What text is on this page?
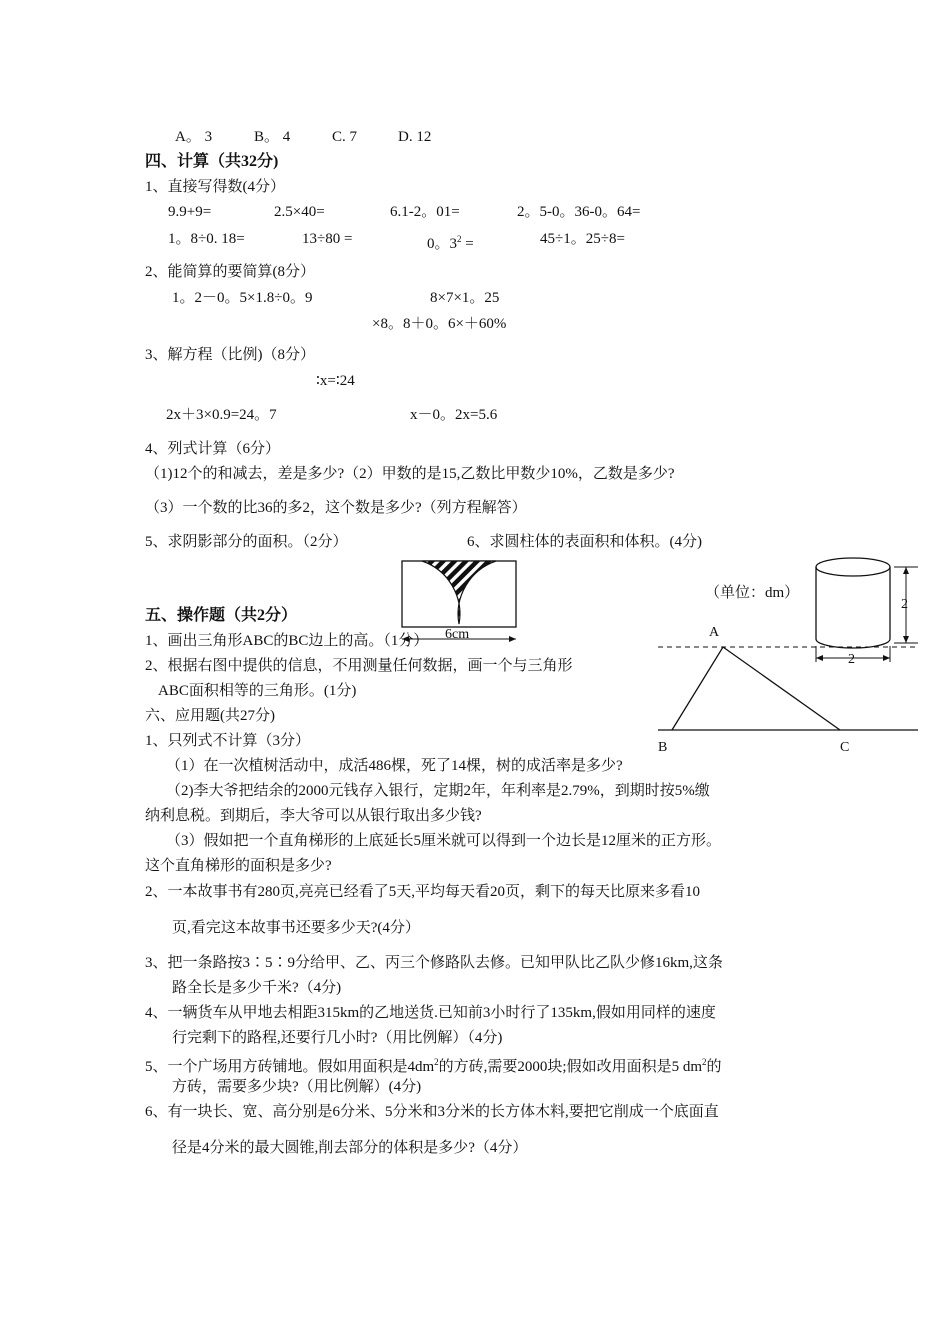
A。 3	B。 4	C. 7	D. 12
四、计算（共32分)
1、直接写得数(4分）
9.9+9=	2.5×40=	6.1-2。01=	2。5-0。36-0。64=
1。8÷0. 18=	13÷80 =	0。$3^2$ =	45÷1。25÷8=
2、能简算的要简算(8分）
1。2－0。5×1.8÷0。9	8×7×1。25
×8。8＋0。6×＋60%
3、解方程（比例)（8分）
∶x=∶24
2x＋3×0.9=24。7	x－0。2x=5.6
4、列式计算（6分）
（1)12个的和减去，差是多少?（2）甲数的是15,乙数比甲数少10%，乙数是多少?
（3）一个数的比36的多2，这个数是多少?（列方程解答）
5、求阴影部分的面积。（2分）	6、求圆柱体的表面积和体积。(4分)
6cm
（单位：dm）
2
2
A
B	C
五、操作题（共2分）
1、画出三角形ABC的BC边上的高。（1分）
2、根据右图中提供的信息，不用测量任何数据，画一个与三角形
ABC面积相等的三角形。(1分)
六、应用题(共27分)
1、只列式不计算（3分）
（1）在一次植树活动中，成活486棵，死了14棵，树的成活率是多少?
（2)李大爷把结余的2000元钱存入银行，定期2年，年利率是2.79%，到期时按5%缴
纳利息税。到期后，李大爷可以从银行取出多少钱?
（3）假如把一个直角梯形的上底延长5厘米就可以得到一个边长是12厘米的正方形。
这个直角梯形的面积是多少?
2、一本故事书有280页,亮亮已经看了5天,平均每天看20页，剩下的每天比原来多看10
页,看完这本故事书还要多少天?(4分）
3、把一条路按3∶5∶9分给甲、乙、丙三个修路队去修。已知甲队比乙队少修16km,这条
路全长是多少千米?（4分)
4、一辆货车从甲地去相距315km的乙地送货.已知前3小时行了135km,假如用同样的速度
行完剩下的路程,还要行几小时?（用比例解）（4分)
5、一个广场用方砖铺地。假如用面积是$4dm^2$的方砖,需要2000块;假如改用面积是5 $dm^2$的
方砖，需要多少块?（用比例解）(4分)
6、有一块长、宽、高分别是6分米、5分米和3分米的长方体木料,要把它削成一个底面直
径是4分米的最大圆锥,削去部分的体积是多少?（4分）
